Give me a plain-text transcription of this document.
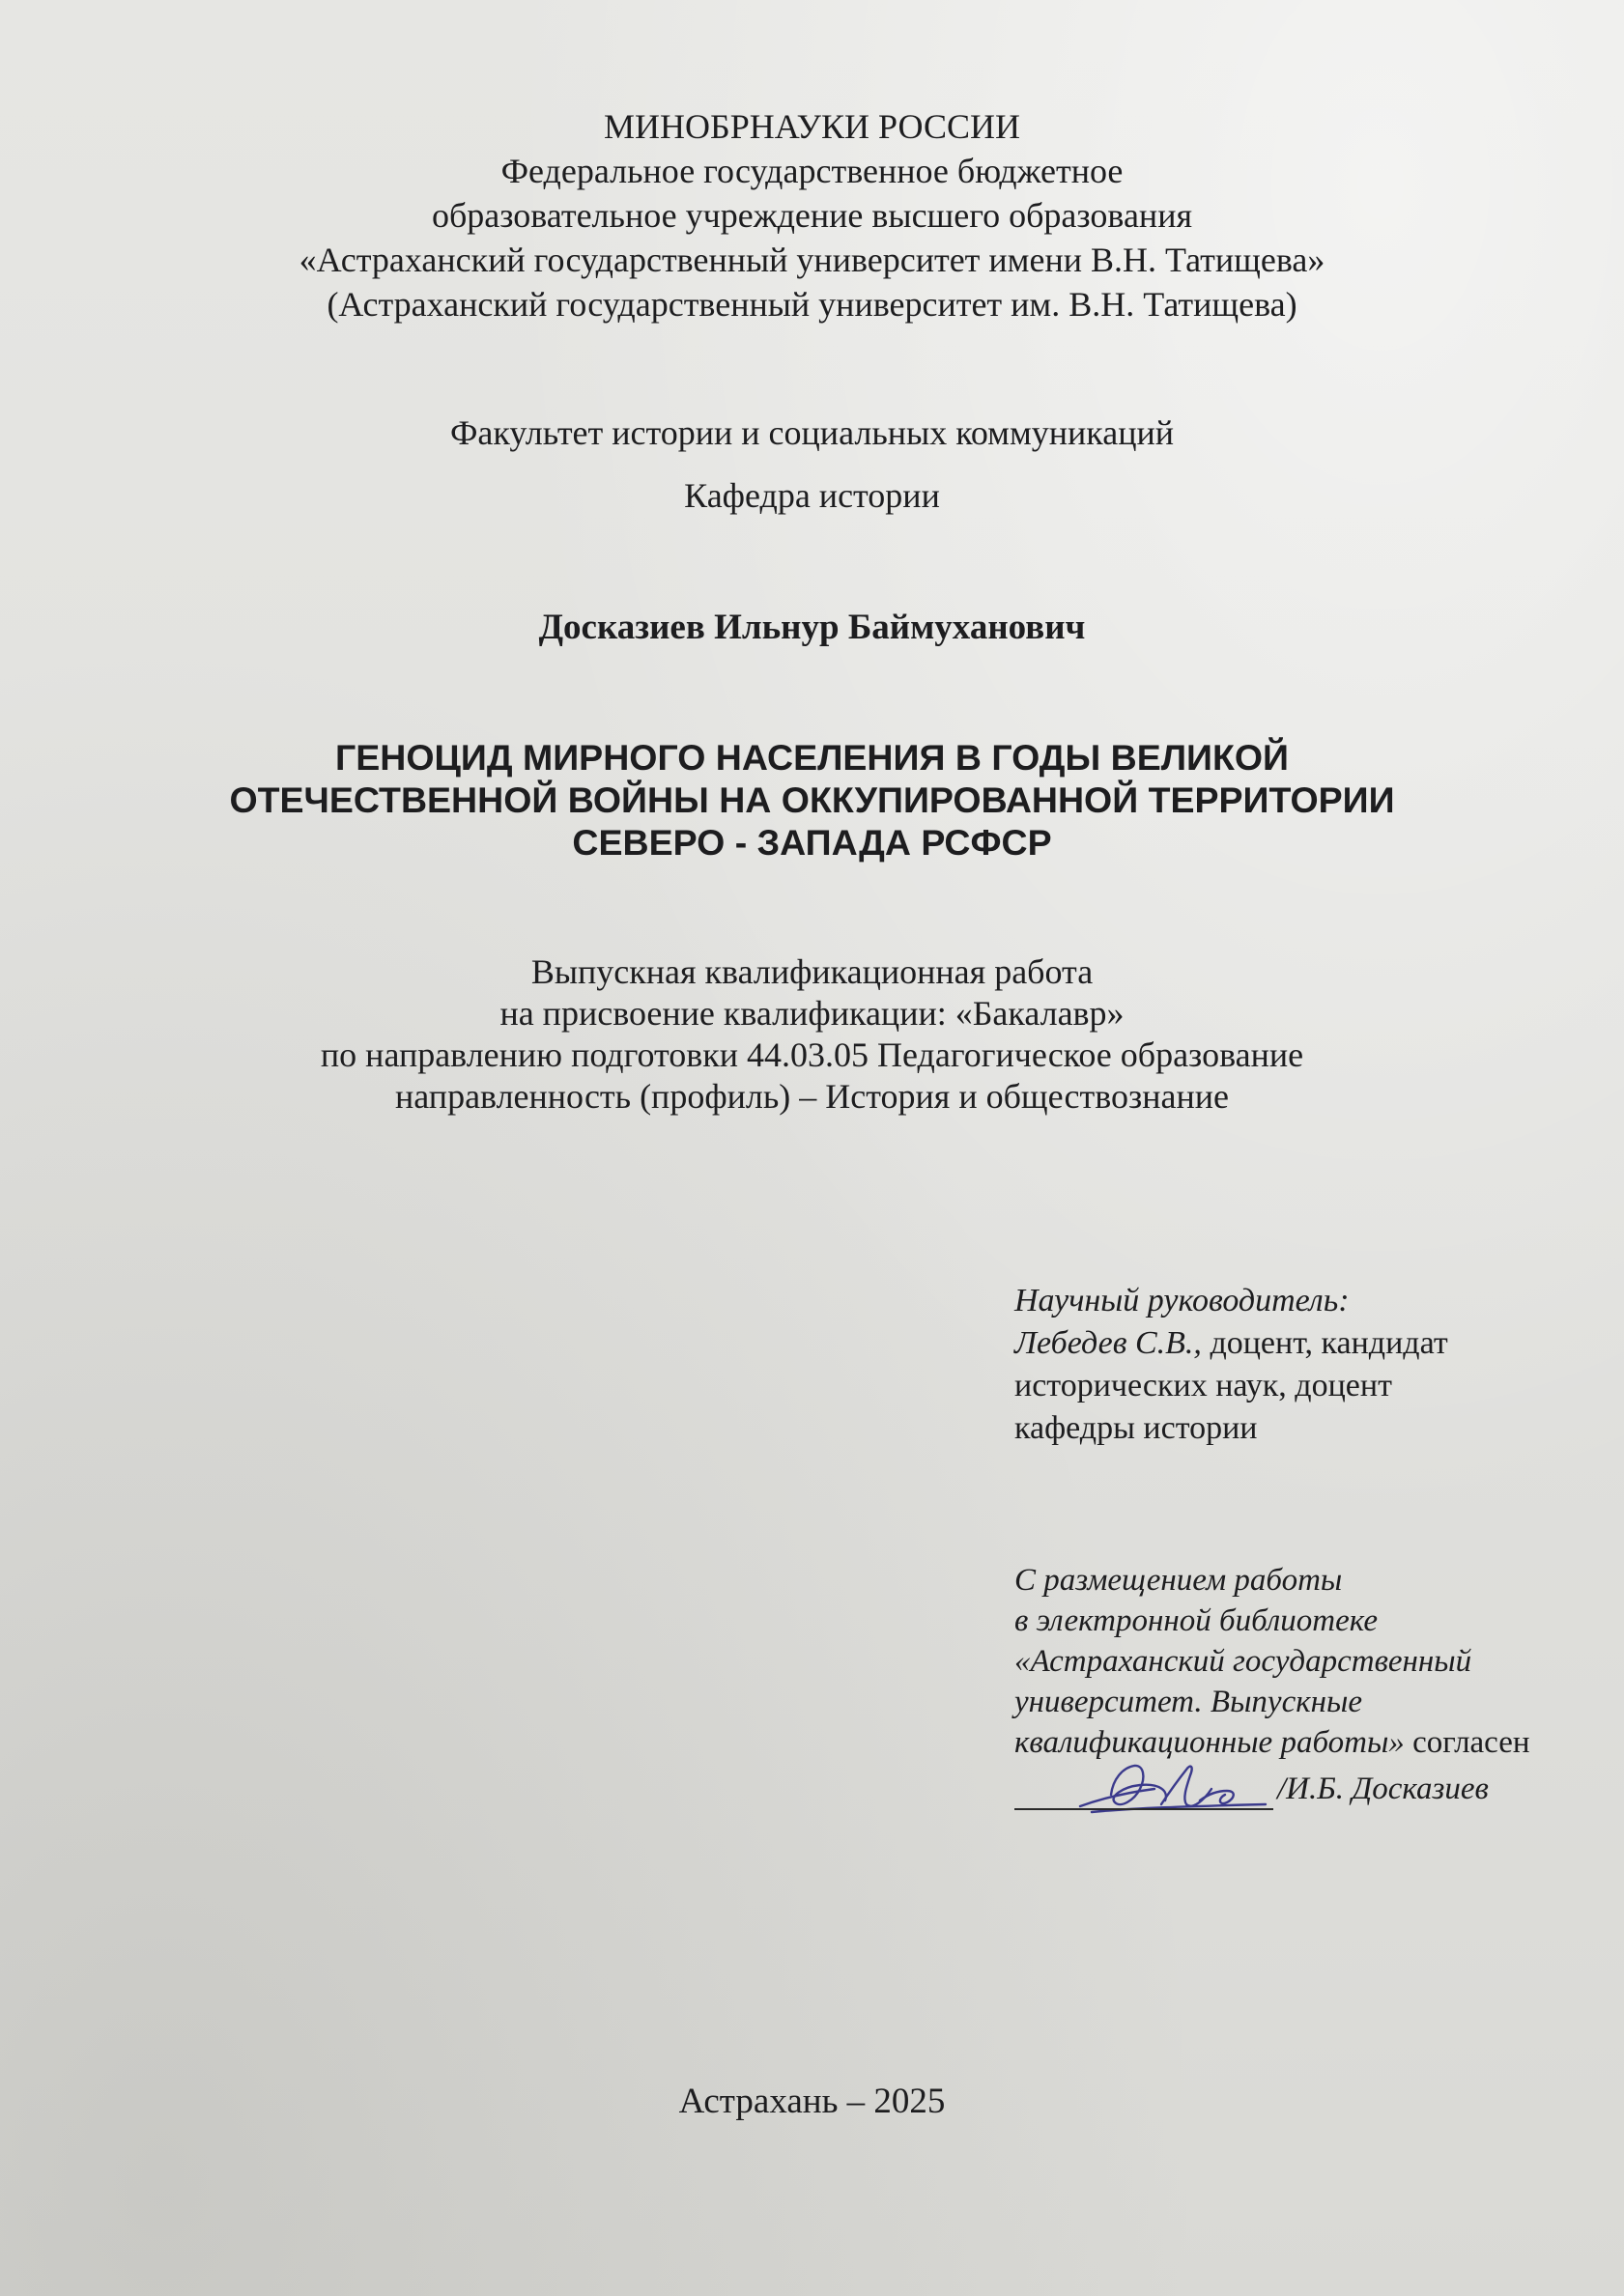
МИНОБРНАУКИ РОССИИ
Федеральное государственное бюджетное
образовательное учреждение высшего образования
«Астраханский государственный университет имени В.Н. Татищева»
(Астраханский государственный университет им. В.Н. Татищева)
Факультет истории и социальных коммуникаций
Кафедра истории
Досказиев Ильнур Баймуханович
ГЕНОЦИД МИРНОГО НАСЕЛЕНИЯ В ГОДЫ ВЕЛИКОЙ
ОТЕЧЕСТВЕННОЙ ВОЙНЫ НА ОККУПИРОВАННОЙ ТЕРРИТОРИИ
СЕВЕРО - ЗАПАДА РСФСР
Выпускная квалификационная работа
на присвоение квалификации: «Бакалавр»
по направлению подготовки 44.03.05 Педагогическое образование
направленность (профиль) – История и обществознание
Научный руководитель:
Лебедев С.В., доцент, кандидат
исторических наук, доцент
кафедры истории
С размещением работы
в электронной библиотеке
«Астраханский государственный
университет. Выпускные
квалификационные работы» согласен
/И.Б. Досказиев
Астрахань – 2025
